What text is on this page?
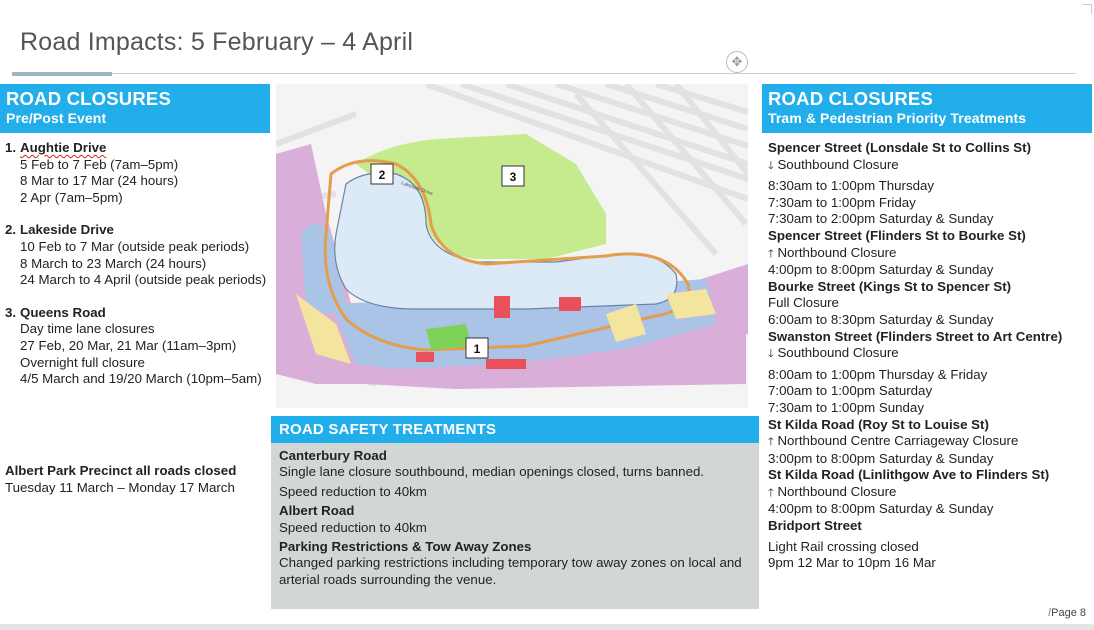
Road Impacts: 5 February – 4 April
✥
ROAD CLOSURES
Pre/Post Event
1. Aughtie Drive
5 Feb to 7 Feb (7am–5pm)
8 Mar to 17 Mar (24 hours)
2 Apr (7am–5pm)
2. Lakeside Drive
10 Feb to 7 Mar (outside peak periods)
8 March to 23 March (24 hours)
24 March to 4 April (outside peak periods)
3. Queens Road
Day time lane closures
27 Feb, 20 Mar, 21 Mar (11am–3pm)
Overnight full closure
4/5 March and 19/20 March (10pm–5am)
Albert Park Precinct all roads closed
Tuesday 11 March – Monday 17 March
Lakeside Drive
2	3
1
ROAD SAFETY TREATMENTS
Canterbury Road
Single lane closure southbound, median openings closed, turns banned.
Speed reduction to 40km
Albert Road
Speed reduction to 40km
Parking Restrictions & Tow Away Zones
Changed parking restrictions including temporary tow away zones on local and arterial roads surrounding the venue.
ROAD CLOSURES
Tram & Pedestrian Priority Treatments
Spencer Street (Lonsdale St to Collins St)
🡓 Southbound Closure
8:30am to 1:00pm Thursday
7:30am to 1:00pm Friday
7:30am to 2:00pm Saturday & Sunday
Spencer Street (Flinders St to Bourke St)
🡑 Northbound Closure
4:00pm to 8:00pm Saturday & Sunday
Bourke Street (Kings St to Spencer St)
Full Closure
6:00am to 8:30pm Saturday & Sunday
Swanston Street (Flinders Street to Art Centre)
🡓 Southbound Closure
8:00am to 1:00pm Thursday & Friday
7:00am to 1:00pm Saturday
7:30am to 1:00pm Sunday
St Kilda Road (Roy St to Louise St)
🡑 Northbound Centre Carriageway Closure
3:00pm to 8:00pm Saturday & Sunday
St Kilda Road (Linlithgow Ave to Flinders St)
🡑 Northbound Closure
4:00pm to 8:00pm Saturday & Sunday
Bridport Street
Light Rail crossing closed
9pm 12 Mar to 10pm 16 Mar
/Page 8
